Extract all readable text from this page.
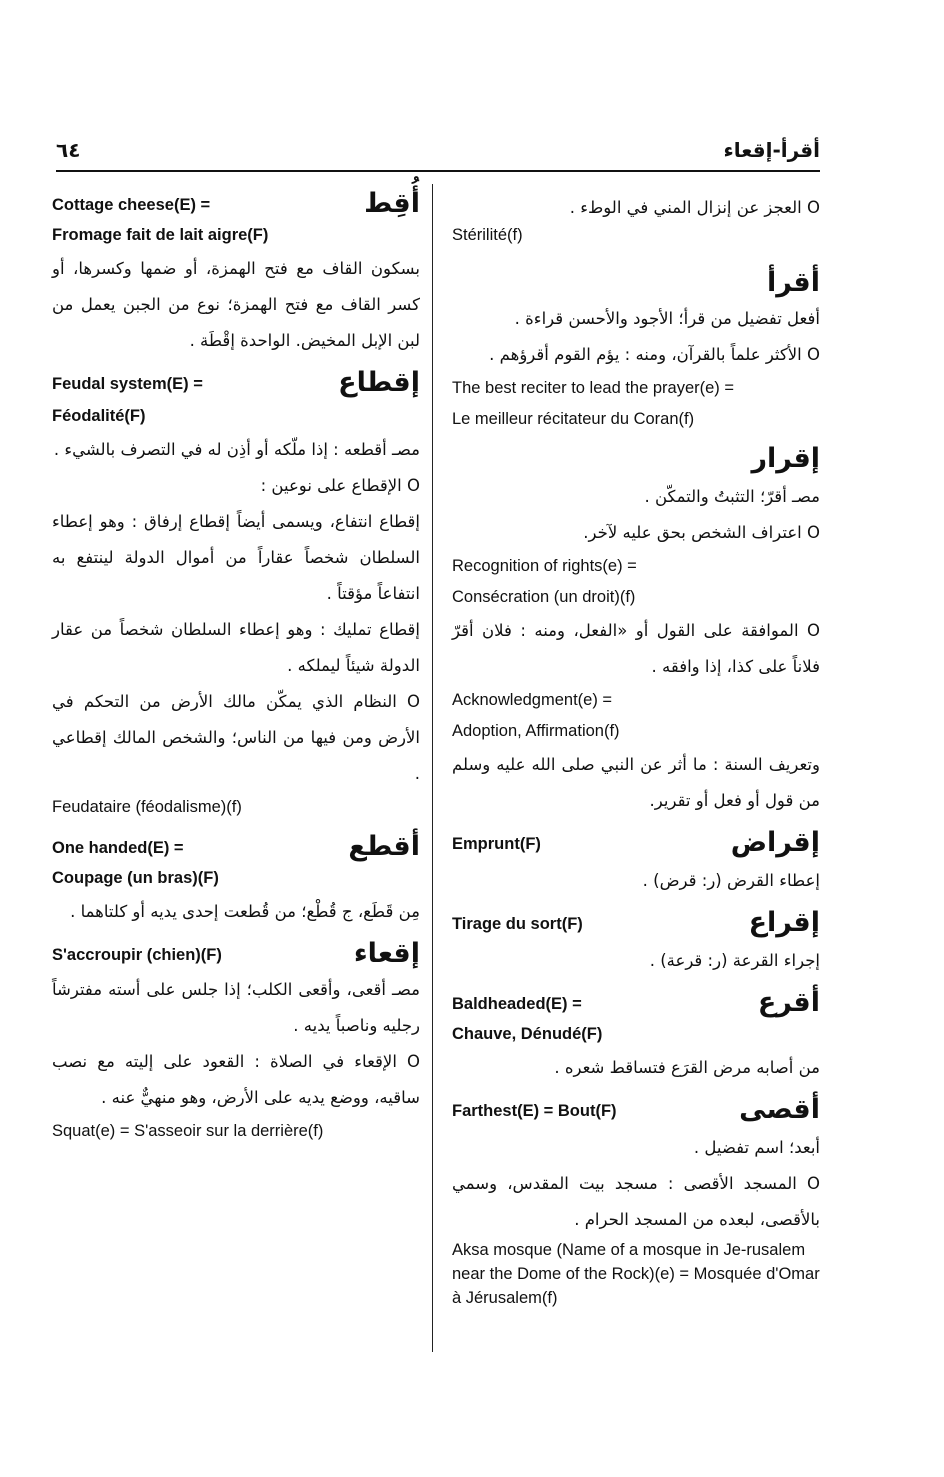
أقرأ-إقعاء
٦٤
O العجز عن إنزال المني في الوطء .
Stérilité(f)
أقرأ
أفعل تفضيل من قرأ؛ الأجود والأحسن قراءة .
O الأكثر علماً بالقرآن، ومنه : يؤم القوم أقرؤهم .
The best reciter to lead the prayer(e) =
Le meilleur récitateur du Coran(f)
إقرار
مصـ أقرّ؛ التثبتُ والتمكّن .
O اعتراف الشخص بحق عليه لآخر.
Recognition of rights(e) =
Consécration (un droit)(f)
O الموافقة على القول أو «الفعل، ومنه : فلان أقرّ فلاناً على كذا، إذا وافقه .
Acknowledgment(e) =
Adoption, Affirmation(f)
وتعريف السنة : ما أثر عن النبي صلى الله عليه وسلم من قول أو فعل أو تقرير.
Emprunt(F)	إقراض
إعطاء القرض (ر: قرض) .
Tirage du sort(F)	إقراع
إجراء القرعة (ر: قرعة) .
Baldheaded(E) =	أقرع
Chauve, Dénudé(F)
من أصابه مرض القرَع فتساقط شعره .
Farthest(E) = Bout(F)	أقصى
أبعد؛ اسم تفضيل .
O المسجد الأقصى : مسجد بيت المقدس، وسمي بالأقصى، لبعده من المسجد الحرام .
Aksa mosque (Name of a mosque in Je-rusalem near the Dome of the Rock)(e) = Mosquée d'Omar à Jérusalem(f)
Cottage cheese(E) =	أُقِط
Fromage fait de lait aigre(F)
بسكون القاف مع فتح الهمزة، أو ضمها وكسرها، أو كسر القاف مع فتح الهمزة؛ نوع من الجبن يعمل من لبن الإبل المخيض. الواحدة إقْطَة .
Feudal system(E) =	إقطاع
Féodalité(F)
مصـ أقطعه : إذا ملّكه أو أذِن له في التصرف بالشيء .
O الإقطاع على نوعين :
إقطاع انتفاع، ويسمى أيضاً إقطاع إرفاق : وهو إعطاء السلطان شخصاً عقاراً من أموال الدولة لينتفع به انتفاعاً مؤقتاً .
إقطاع تمليك : وهو إعطاء السلطان شخصاً من عقار الدولة شيئاً ليملكه .
O النظام الذي يمكّن مالك الأرض من التحكم في الأرض ومن فيها من الناس؛ والشخص المالك إقطاعي .
Feudataire (féodalisme)(f)
One handed(E) =	أقطع
Coupage (un bras)(F)
مِن قَطَع، ج قُطْع؛ من قُطعت إحدى يديه أو كلتاهما .
S'accroupir (chien)(F)	إقعاء
مصـ أقعى، وأقعى الكلب؛ إذا جلس على أسته مفترشاً رجليه وناصباً يديه .
O الإقعاء في الصلاة : القعود على إليته مع نصب ساقيه، ووضع يديه على الأرض، وهو منهيٌّ عنه .
Squat(e) = S'asseoir sur la derrière(f)
